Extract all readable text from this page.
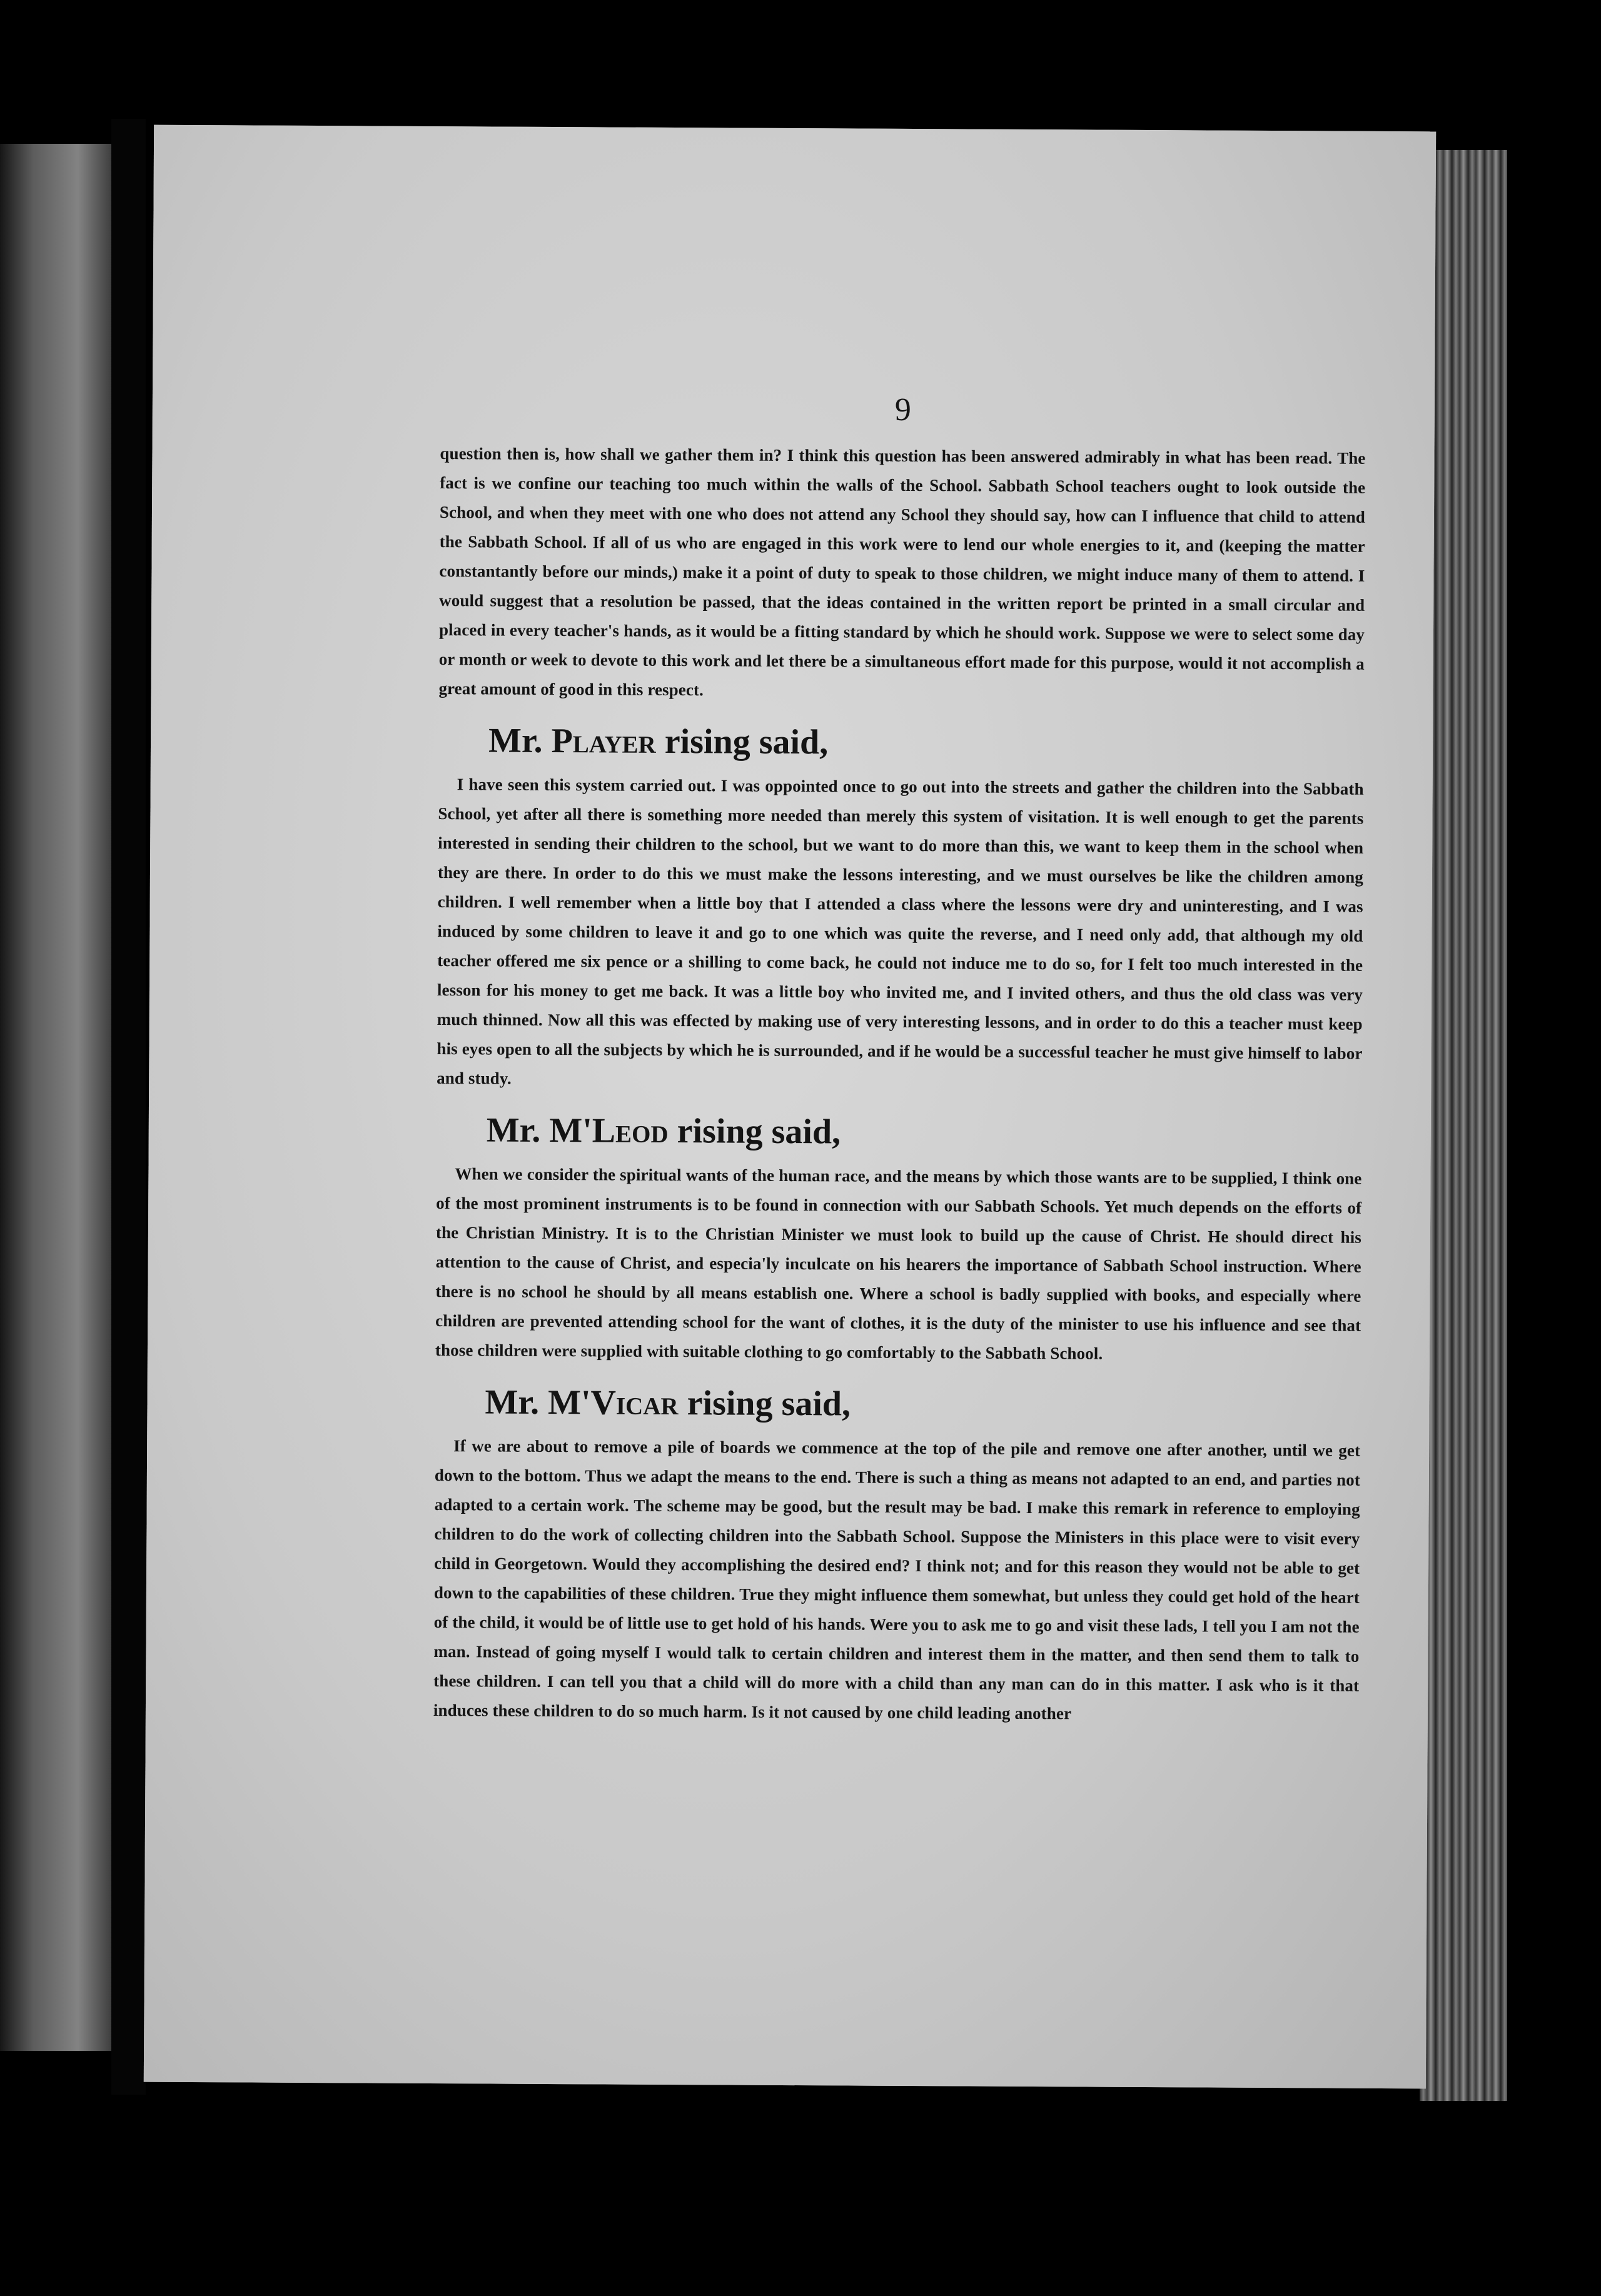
9

question then is, how shall we gather them in? I think this question has been answered admirably in what has been read. The fact is we confine our teaching too much within the walls of the School. Sabbath School teachers ought to look outside the School, and when they meet with one who does not attend any School they should say, how can I influence that child to attend the Sabbath School. If all of us who are engaged in this work were to lend our whole energies to it, and (keeping the matter constantantly before our minds,) make it a point of duty to speak to those children, we might induce many of them to attend. I would suggest that a resolution be passed, that the ideas contained in the written report be printed in a small circular and placed in every teacher's hands, as it would be a fitting standard by which he should work. Suppose we were to select some day or month or week to devote to this work and let there be a simultaneous effort made for this purpose, would it not accomplish a great amount of good in this respect.

Mr. Player rising said,

I have seen this system carried out. I was oppointed once to go out into the streets and gather the children into the Sabbath School, yet after all there is something more needed than merely this system of visitation. It is well enough to get the parents interested in sending their children to the school, but we want to do more than this, we want to keep them in the school when they are there. In order to do this we must make the lessons interesting, and we must ourselves be like the children among children. I well remember when a little boy that I attended a class where the lessons were dry and uninteresting, and I was induced by some children to leave it and go to one which was quite the reverse, and I need only add, that although my old teacher offered me six pence or a shilling to come back, he could not induce me to do so, for I felt too much interested in the lesson for his money to get me back. It was a little boy who invited me, and I invited others, and thus the old class was very much thinned. Now all this was effected by making use of very interesting lessons, and in order to do this a teacher must keep his eyes open to all the subjects by which he is surrounded, and if he would be a successful teacher he must give himself to labor and study.

Mr. M'Leod rising said,

When we consider the spiritual wants of the human race, and the means by which those wants are to be supplied, I think one of the most prominent instruments is to be found in connection with our Sabbath Schools. Yet much depends on the efforts of the Christian Ministry. It is to the Christian Minister we must look to build up the cause of Christ. He should direct his attention to the cause of Christ, and especia'ly inculcate on his hearers the importance of Sabbath School instruction. Where there is no school he should by all means establish one. Where a school is badly supplied with books, and especially where children are prevented attending school for the want of clothes, it is the duty of the minister to use his influence and see that those children were supplied with suitable clothing to go comfortably to the Sabbath School.

Mr. M'Vicar rising said,

If we are about to remove a pile of boards we commence at the top of the pile and remove one after another, until we get down to the bottom. Thus we adapt the means to the end. There is such a thing as means not adapted to an end, and parties not adapted to a certain work. The scheme may be good, but the result may be bad. I make this remark in reference to employing children to do the work of collecting children into the Sabbath School. Suppose the Ministers in this place were to visit every child in Georgetown. Would they accomplishing the desired end? I think not; and for this reason they would not be able to get down to the capabilities of these children. True they might influence them somewhat, but unless they could get hold of the heart of the child, it would be of little use to get hold of his hands. Were you to ask me to go and visit these lads, I tell you I am not the man. Instead of going myself I would talk to certain children and interest them in the matter, and then send them to talk to these children. I can tell you that a child will do more with a child than any man can do in this matter. I ask who is it that induces these children to do so much harm. Is it not caused by one child leading another
